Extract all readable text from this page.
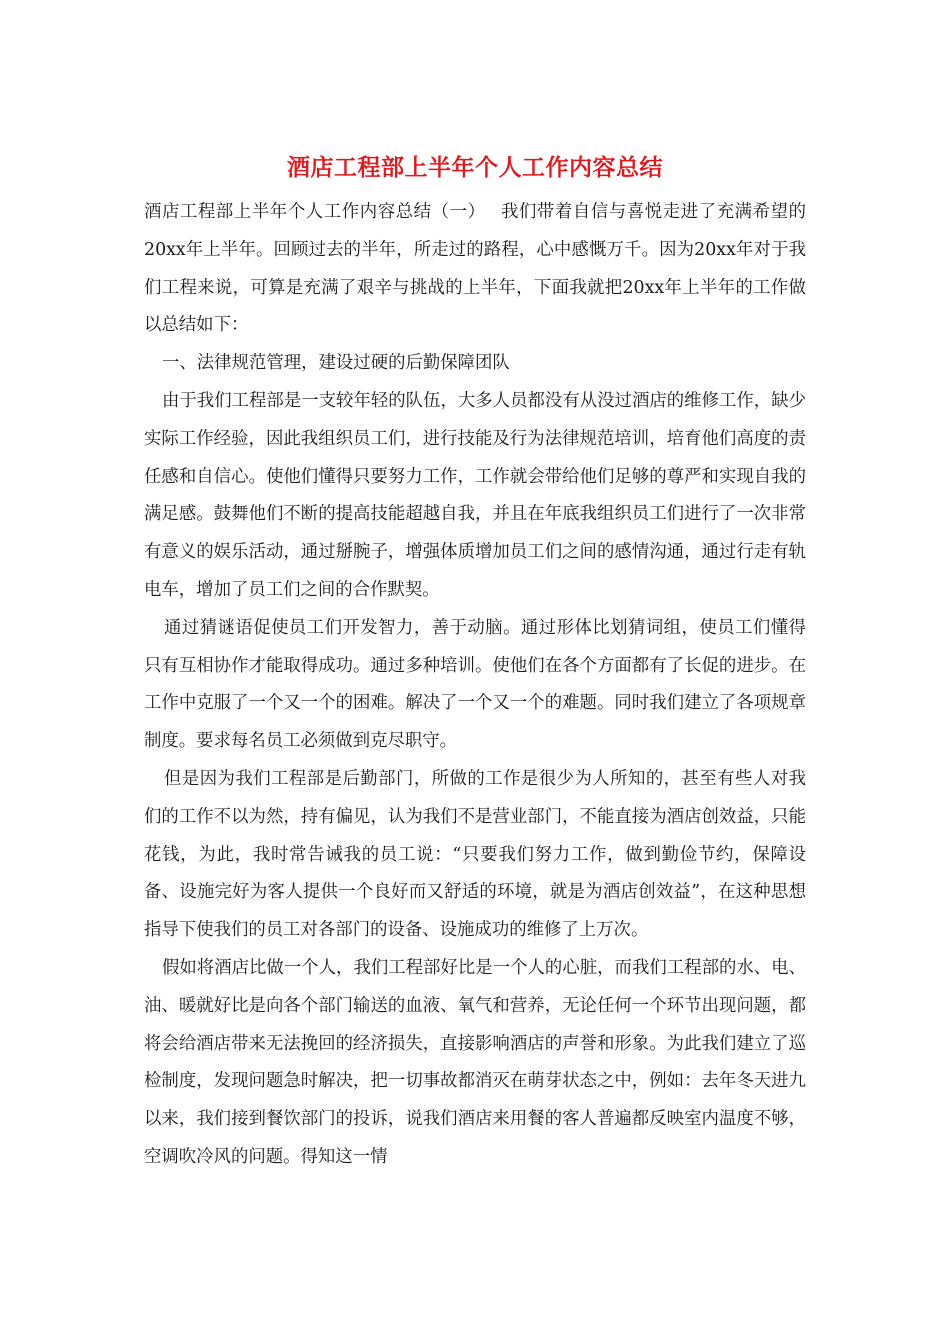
酒店工程部上半年个人工作内容总结

酒店工程部上半年个人工作内容总结（一）　 我们带着自信与喜悦走进了充满希望的20xx年上半年。回顾过去的半年，所走过的路程，心中感慨万千。因为20xx年对于我们工程来说，可算是充满了艰辛与挑战的上半年，下面我就把20xx年上半年的工作做以总结如下：

一、法律规范管理，建设过硬的后勤保障团队

由于我们工程部是一支较年轻的队伍，大多人员都没有从没过酒店的维修工作，缺少实际工作经验，因此我组织员工们，进行技能及行为法律规范培训，培育他们高度的责任感和自信心。使他们懂得只要努力工作，工作就会带给他们足够的尊严和实现自我的满足感。鼓舞他们不断的提高技能超越自我，并且在年底我组织员工们进行了一次非常有意义的娱乐活动，通过掰腕子，增强体质增加员工们之间的感情沟通，通过行走有轨电车，增加了员工们之间的合作默契。

通过猜谜语促使员工们开发智力，善于动脑。通过形体比划猜词组，使员工们懂得只有互相协作才能取得成功。通过多种培训。使他们在各个方面都有了长促的进步。在工作中克服了一个又一个的困难。解决了一个又一个的难题。同时我们建立了各项规章制度。要求每名员工必须做到克尽职守。

但是因为我们工程部是后勤部门，所做的工作是很少为人所知的，甚至有些人对我们的工作不以为然，持有偏见，认为我们不是营业部门，不能直接为酒店创效益，只能花钱，为此，我时常告诫我的员工说：“只要我们努力工作，做到勤俭节约，保障设备、设施完好为客人提供一个良好而又舒适的环境，就是为酒店创效益”，在这种思想指导下使我们的员工对各部门的设备、设施成功的维修了上万次。

假如将酒店比做一个人，我们工程部好比是一个人的心脏，而我们工程部的水、电、油、暖就好比是向各个部门输送的血液、氧气和营养，无论任何一个环节出现问题，都将会给酒店带来无法挽回的经济损失，直接影响酒店的声誉和形象。为此我们建立了巡检制度，发现问题急时解决，把一切事故都消灭在萌芽状态之中，例如：去年冬天进九以来，我们接到餐饮部门的投诉，说我们酒店来用餐的客人普遍都反映室内温度不够，空调吹冷风的问题。得知这一情
